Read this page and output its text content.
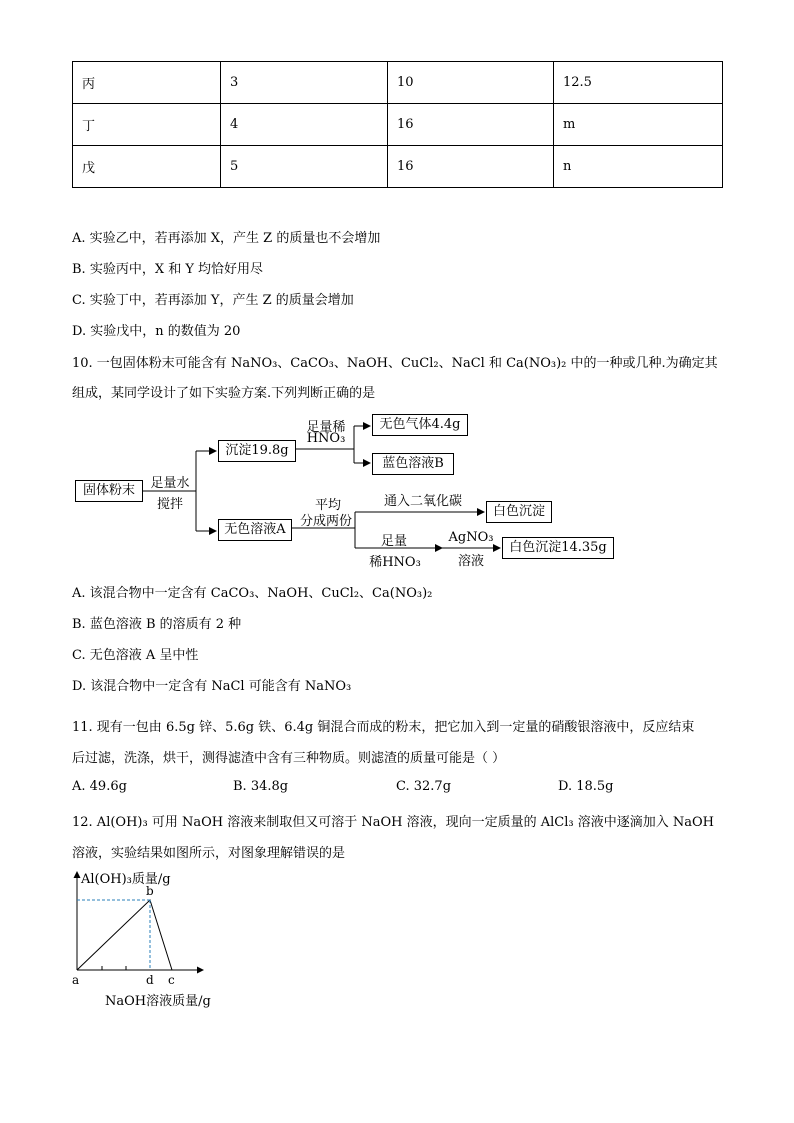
丙	3	10	12.5
丁	4	16	m
戊	5	16	n
A. 实验乙中，若再添加 X，产生 Z 的质量也不会增加
B. 实验丙中，X 和 Y 均恰好用尽
C. 实验丁中，若再添加 Y，产生 Z 的质量会增加
D. 实验戊中，n 的数值为 20
10. 一包固体粉末可能含有 NaNO₃、CaCO₃、NaOH、CuCl₂、NaCl 和 Ca(NO₃)₂ 中的一种或几种.为确定其
组成，某同学设计了如下实验方案.下列判断正确的是
固体粉末	足量水
搅拌
沉淀19.8g
足量稀
HNO₃
无色气体4.4g
蓝色溶液B
无色溶液A
平均
分成两份
通入二氧化碳
白色沉淀
足量
稀HNO₃
AgNO₃
溶液
白色沉淀14.35g
A. 该混合物中一定含有 CaCO₃、NaOH、CuCl₂、Ca(NO₃)₂
B. 蓝色溶液 B 的溶质有 2 种
C. 无色溶液 A 呈中性
D. 该混合物中一定含有 NaCl 可能含有 NaNO₃
11. 现有一包由 6.5g 锌、5.6g 铁、6.4g 铜混合而成的粉末，把它加入到一定量的硝酸银溶液中，反应结束
后过滤，洗涤，烘干，测得滤渣中含有三种物质。则滤渣的质量可能是（ ）
A. 49.6g	B. 34.8g	C. 32.7g	D. 18.5g
12. Al(OH)₃ 可用 NaOH 溶液来制取但又可溶于 NaOH 溶液，现向一定质量的 AlCl₃ 溶液中逐滴加入 NaOH
溶液，实验结果如图所示，对图象理解错误的是
Al(OH)₃质量/g
b
a	d c
NaOH溶液质量/g
